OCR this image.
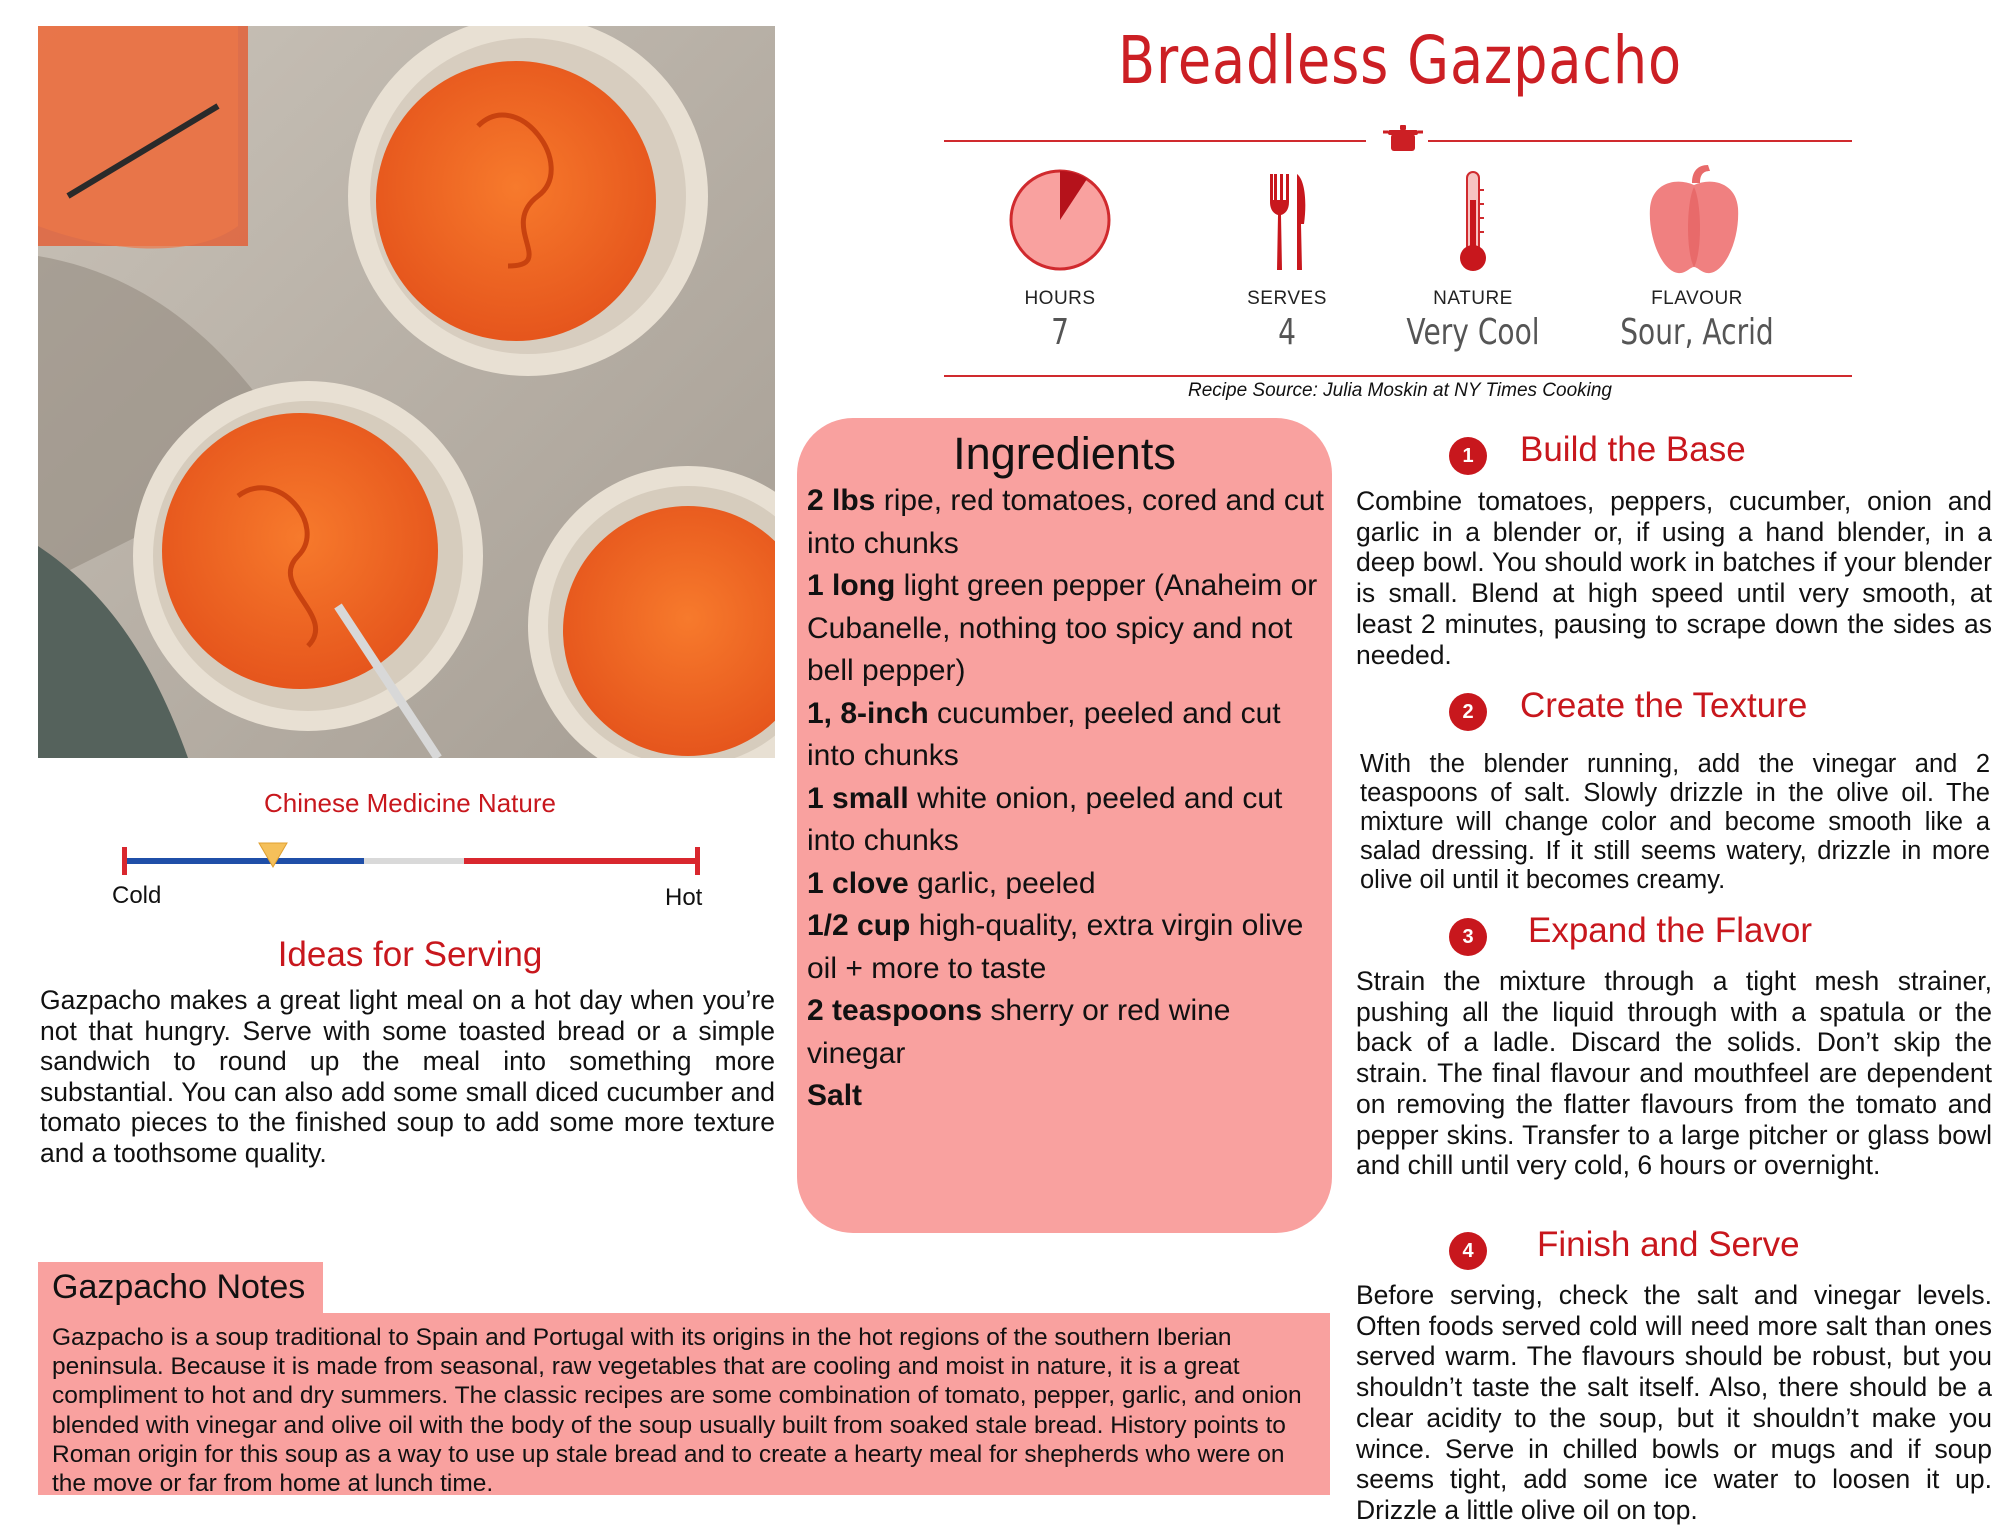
Breadless Gazpacho
HOURS
7
SERVES
4
NATURE
Very Cool
FLAVOUR
Sour, Acrid
Recipe Source: Julia Moskin at NY Times Cooking
Ingredients
2 lbs ripe, red tomatoes, cored and cut into chunks
1 long light green pepper (Anaheim or Cubanelle, nothing too spicy and not bell pepper)
1, 8-inch cucumber, peeled and cut into chunks
1 small white onion, peeled and cut into chunks
1 clove garlic, peeled
1/2 cup high-quality, extra virgin olive oil + more to taste
2 teaspoons sherry or red wine vinegar
Salt
1	Build the Base
Combine tomatoes, peppers, cucumber, onion and garlic in a blender or, if using a hand blender, in a deep bowl. You should work in batches if your blender is small. Blend at high speed until very smooth, at least 2 minutes, pausing to scrape down the sides as needed.
2	Create the Texture
With the blender running, add the vinegar and 2 teaspoons of salt. Slowly drizzle in the olive oil. The mixture will change color and become smooth like a salad dressing. If it still seems watery, drizzle in more olive oil until it becomes creamy.
3	Expand the Flavor
Strain the mixture through a tight mesh strainer, pushing all the liquid through with a spatula or the back of a ladle. Discard the solids. Don’t skip the strain. The final flavour and mouthfeel are dependent on removing the flatter flavours from the tomato and pepper skins. Transfer to a large pitcher or glass bowl and chill until very cold, 6 hours or overnight.
4	Finish and Serve
Before serving, check the salt and vinegar levels. Often foods served cold will need more salt than ones served warm. The flavours should be robust, but you shouldn’t taste the salt itself. Also, there should be a clear acidity to the soup, but it shouldn’t make you wince. Serve in chilled bowls or mugs and if soup seems tight, add some ice water to loosen it up. Drizzle a little olive oil on top.
Chinese Medicine Nature
Cold	Hot
Ideas for Serving
Gazpacho makes a great light meal on a hot day when you’re not that hungry. Serve with some toasted bread or a simple sandwich to round up the meal into something more substantial. You can also add some small diced cucumber and tomato pieces to the finished soup to add some more texture and a toothsome quality.
Gazpacho Notes
Gazpacho is a soup traditional to Spain and Portugal with its origins in the hot regions of the southern Iberian peninsula. Because it is made from seasonal, raw vegetables that are cooling and moist in nature, it is a great compliment to hot and dry summers. The classic recipes are some combination of tomato, pepper, garlic, and onion blended with vinegar and olive oil with the body of the soup usually built from soaked stale bread. History points to Roman origin for this soup as a way to use up stale bread and to create a hearty meal for shepherds who were on the move or far from home at lunch time.
